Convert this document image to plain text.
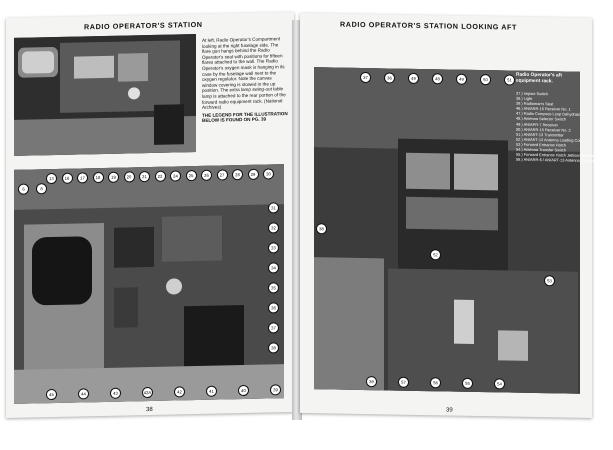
RADIO OPERATOR'S STATION

At left, Radio Operator's Compartment looking at the right fuselage side. The flare gun hangs behind the Radio Operator's seat with positions for fifteen flares attached to the wall. The Radio Operator's oxygen mask is hanging in its case by the fuselage wall next to the oxygen regulator. Note the canvas window covering is stowed in the up position. The extra lamp swing-out table lamp is attached to the rear portion of the forward radio equipment rack. (National Archives)

THE LEGEND FOR THE ILLUSTRATION BELOW IS FOUND ON PG. 39

38
13	16	17	18	19	20	21	22	24	25	26	27	28	29	30
6	8
31
32
33
34
35
36
37
38
45	44	43	42A	42	41	40	39
RADIO OPERATOR'S STATION LOOKING AFT
Radio Operator's aft equipment rack.
37.) Impact Switch
38.) Light
39.) Radioman's Seat
46.) AN/ARR-15 Receiver No. 1
47.) Radio Compass Loop Dehydrator
48.) Antenna Selector Switch
49.) AN/APR-7 Receiver
50.) AN/ARR-15 Receiver No. 2
51.) AN/ART-13 Transmitter
52.) AN/ART-13 Antenna Loading Coil
53.) Forward Entrance Hatch
54.) Antenna Transfer Switch
55.) Forward Entrance Hatch Jettison Handle
56.) AN/ARR-6 / AN/ART-13 Antenna Changeover Panel
39
37	36	49	48	49	50	51
38
52
53
39	57	56	55	54
